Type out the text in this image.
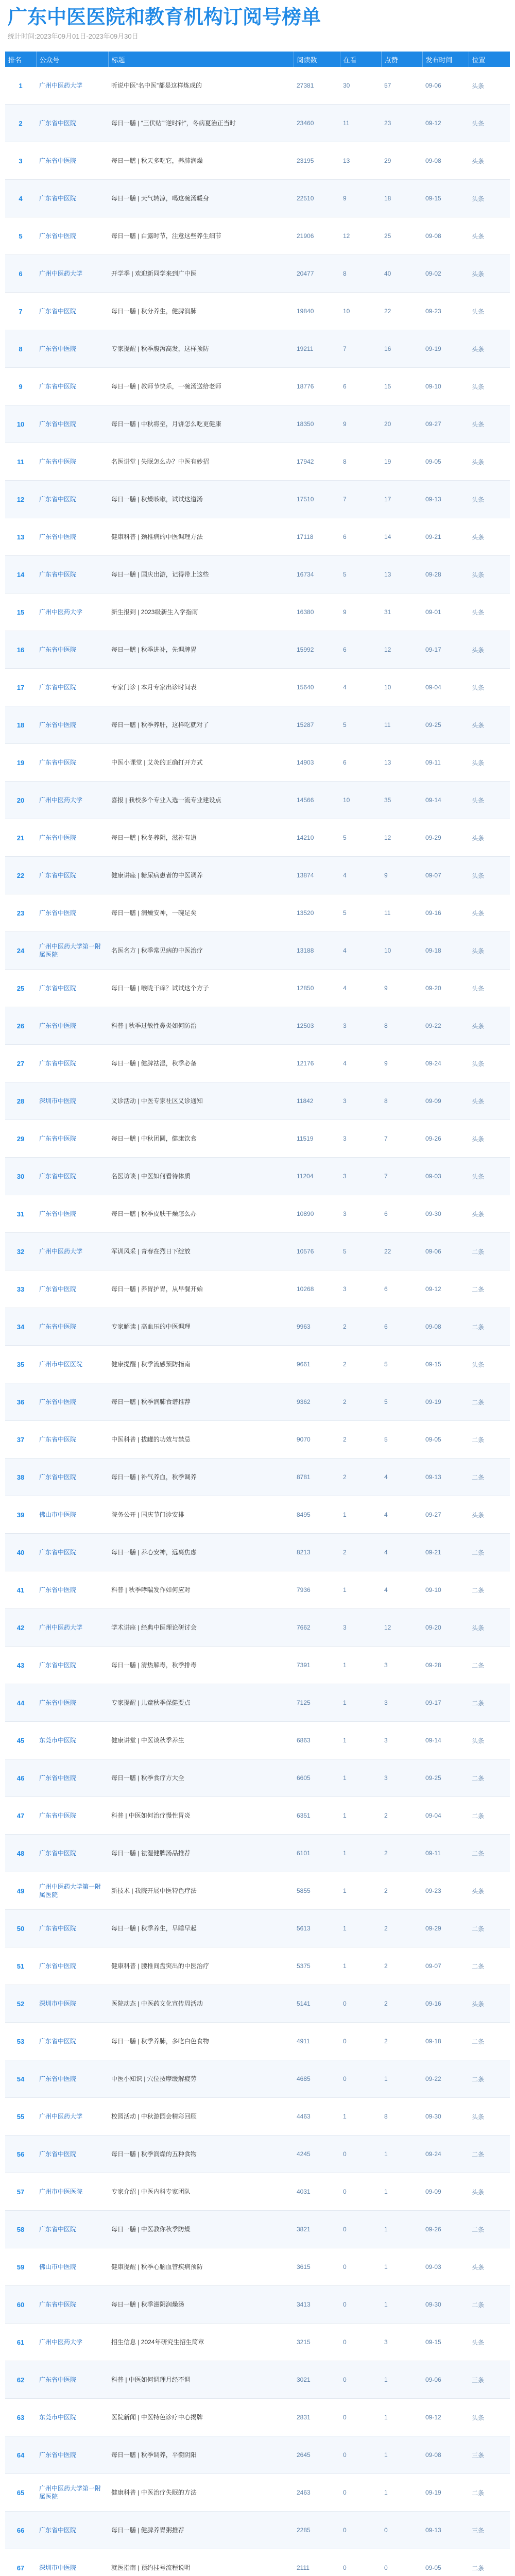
广东中医医院和教育机构订阅号榜单
统计时间:2023年09月01日-2023年09月30日
排名	公众号	标题	阅读数	在看	点赞	发布时间	位置
1	广州中医药大学	听说中医“名中医”都是这样炼成的	27381	30	57	09-06	头条
2	广东省中医院	每日一膳 | “三伏贴”“逆时针”，冬病夏治正当时	23460	11	23	09-12	头条
3	广东省中医院	每日一膳 | 秋天多吃它，养肺润燥	23195	13	29	09-08	头条
4	广东省中医院	每日一膳 | 天气转凉，喝这碗汤暖身	22510	9	18	09-15	头条
5	广东省中医院	每日一膳 | 白露时节，注意这些养生细节	21906	12	25	09-08	头条
6	广州中医药大学	开学季 | 欢迎新同学来到广中医	20477	8	40	09-02	头条
7	广东省中医院	每日一膳 | 秋分养生，健脾润肺	19840	10	22	09-23	头条
8	广东省中医院	专家提醒 | 秋季腹泻高发，这样预防	19211	7	16	09-19	头条
9	广东省中医院	每日一膳 | 教师节快乐，一碗汤送给老师	18776	6	15	09-10	头条
10	广东省中医院	每日一膳 | 中秋将至，月饼怎么吃更健康	18350	9	20	09-27	头条
11	广东省中医院	名医讲堂 | 失眠怎么办？中医有妙招	17942	8	19	09-05	头条
12	广东省中医院	每日一膳 | 秋燥咳嗽，试试这道汤	17510	7	17	09-13	头条
13	广东省中医院	健康科普 | 颈椎病的中医调理方法	17118	6	14	09-21	头条
14	广东省中医院	每日一膳 | 国庆出游，记得带上这些	16734	5	13	09-28	头条
15	广州中医药大学	新生报到 | 2023级新生入学指南	16380	9	31	09-01	头条
16	广东省中医院	每日一膳 | 秋季进补，先调脾胃	15992	6	12	09-17	头条
17	广东省中医院	专家门诊 | 本月专家出诊时间表	15640	4	10	09-04	头条
18	广东省中医院	每日一膳 | 秋季养肝，这样吃就对了	15287	5	11	09-25	头条
19	广东省中医院	中医小课堂 | 艾灸的正确打开方式	14903	6	13	09-11	头条
20	广州中医药大学	喜报 | 我校多个专业入选一流专业建设点	14566	10	35	09-14	头条
21	广东省中医院	每日一膳 | 秋冬养阴，滋补有道	14210	5	12	09-29	头条
22	广东省中医院	健康讲座 | 糖尿病患者的中医调养	13874	4	9	09-07	头条
23	广东省中医院	每日一膳 | 润燥安神，一碗足矣	13520	5	11	09-16	头条
24	广州中医药大学第一附属医院	名医名方 | 秋季常见病的中医治疗	13188	4	10	09-18	头条
25	广东省中医院	每日一膳 | 喉咙干痒？试试这个方子	12850	4	9	09-20	头条
26	广东省中医院	科普 | 秋季过敏性鼻炎如何防治	12503	3	8	09-22	头条
27	广东省中医院	每日一膳 | 健脾祛湿，秋季必备	12176	4	9	09-24	头条
28	深圳市中医院	义诊活动 | 中医专家社区义诊通知	11842	3	8	09-09	头条
29	广东省中医院	每日一膳 | 中秋团圆，健康饮食	11519	3	7	09-26	头条
30	广东省中医院	名医访谈 | 中医如何看待体质	11204	3	7	09-03	头条
31	广东省中医院	每日一膳 | 秋季皮肤干燥怎么办	10890	3	6	09-30	头条
32	广州中医药大学	军训风采 | 青春在烈日下绽放	10576	5	22	09-06	二条
33	广东省中医院	每日一膳 | 养胃护胃，从早餐开始	10268	3	6	09-12	二条
34	广东省中医院	专家解读 | 高血压的中医调理	9963	2	6	09-08	二条
35	广州市中医医院	健康提醒 | 秋季流感预防指南	9661	2	5	09-15	头条
36	广东省中医院	每日一膳 | 秋季润肺食谱推荐	9362	2	5	09-19	二条
37	广东省中医院	中医科普 | 拔罐的功效与禁忌	9070	2	5	09-05	二条
38	广东省中医院	每日一膳 | 补气养血，秋季调养	8781	2	4	09-13	二条
39	佛山市中医院	院务公开 | 国庆节门诊安排	8495	1	4	09-27	头条
40	广东省中医院	每日一膳 | 养心安神，远离焦虑	8213	2	4	09-21	二条
41	广东省中医院	科普 | 秋季哮喘发作如何应对	7936	1	4	09-10	二条
42	广州中医药大学	学术讲座 | 经典中医理论研讨会	7662	3	12	09-20	头条
43	广东省中医院	每日一膳 | 清热解毒，秋季排毒	7391	1	3	09-28	二条
44	广东省中医院	专家提醒 | 儿童秋季保健要点	7125	1	3	09-17	二条
45	东莞市中医院	健康讲堂 | 中医谈秋季养生	6863	1	3	09-14	头条
46	广东省中医院	每日一膳 | 秋季食疗方大全	6605	1	3	09-25	二条
47	广东省中医院	科普 | 中医如何治疗慢性胃炎	6351	1	2	09-04	二条
48	广东省中医院	每日一膳 | 祛湿健脾汤品推荐	6101	1	2	09-11	二条
49	广州中医药大学第一附属医院	新技术 | 我院开展中医特色疗法	5855	1	2	09-23	头条
50	广东省中医院	每日一膳 | 秋季养生，早睡早起	5613	1	2	09-29	二条
51	广东省中医院	健康科普 | 腰椎间盘突出的中医治疗	5375	1	2	09-07	二条
52	深圳市中医院	医院动态 | 中医药文化宣传周活动	5141	0	2	09-16	头条
53	广东省中医院	每日一膳 | 秋季养肺，多吃白色食物	4911	0	2	09-18	二条
54	广东省中医院	中医小知识 | 穴位按摩缓解疲劳	4685	0	1	09-22	二条
55	广州中医药大学	校园活动 | 中秋游园会精彩回顾	4463	1	8	09-30	头条
56	广东省中医院	每日一膳 | 秋季润燥的五种食物	4245	0	1	09-24	二条
57	广州市中医医院	专家介绍 | 中医内科专家团队	4031	0	1	09-09	头条
58	广东省中医院	每日一膳 | 中医教你秋季防燥	3821	0	1	09-26	二条
59	佛山市中医院	健康提醒 | 秋季心脑血管疾病预防	3615	0	1	09-03	头条
60	广东省中医院	每日一膳 | 秋季滋阴润燥汤	3413	0	1	09-30	二条
61	广州中医药大学	招生信息 | 2024年研究生招生简章	3215	0	3	09-15	头条
62	广东省中医院	科普 | 中医如何调理月经不调	3021	0	1	09-06	三条
63	东莞市中医院	医院新闻 | 中医特色诊疗中心揭牌	2831	0	1	09-12	头条
64	广东省中医院	每日一膳 | 秋季调养，平衡阴阳	2645	0	1	09-08	三条
65	广州中医药大学第一附属医院	健康科普 | 中医治疗失眠的方法	2463	0	1	09-19	二条
66	广东省中医院	每日一膳 | 健脾养胃粥推荐	2285	0	0	09-13	三条
67	深圳市中医院	就医指南 | 预约挂号流程说明	2111	0	0	09-05	二条
